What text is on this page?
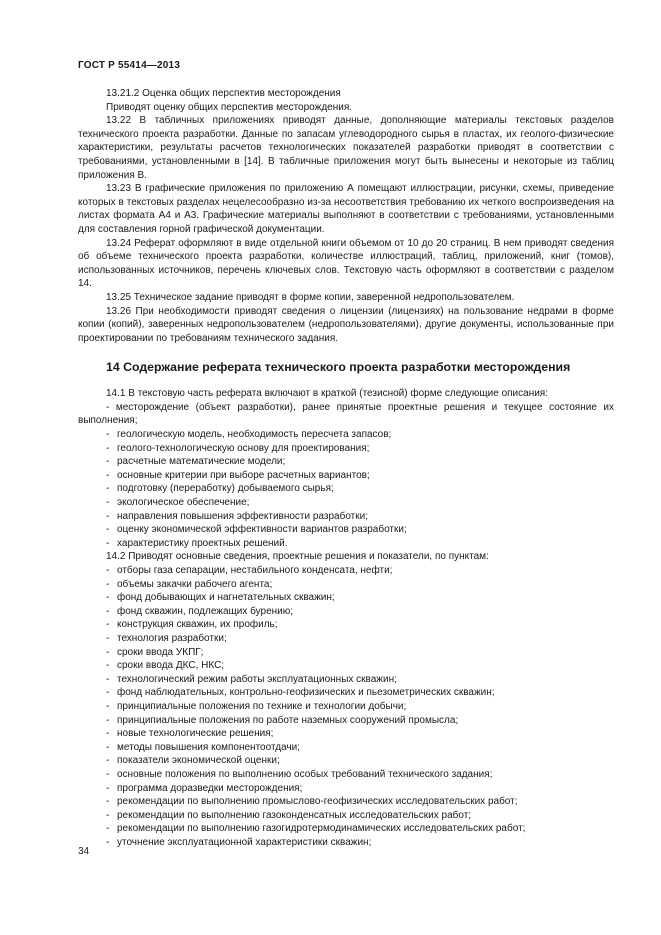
ГОСТ Р 55414—2013

13.21.2 Оценка общих перспектив месторождения

Приводят оценку общих перспектив месторождения.

13.22 В табличных приложениях приводят данные, дополняющие материалы текстовых разделов технического проекта разработки. Данные по запасам углеводородного сырья в пластах, их геолого-физические характеристики, результаты расчетов технологических показателей разработки приводят в соответствии с требованиями, установленными в [14]. В табличные приложения могут быть вынесены и некоторые из таблиц приложения В.

13.23 В графические приложения по приложению А помещают иллюстрации, рисунки, схемы, приведение которых в текстовых разделах нецелесообразно из-за несоответствия требованию их четкого воспроизведения на листах формата А4 и А3. Графические материалы выполняют в соответствии с требованиями, установленными для составления горной графической документации.

13.24 Реферат оформляют в виде отдельной книги объемом от 10 до 20 страниц. В нем приводят сведения об объеме технического проекта разработки, количестве иллюстраций, таблиц, приложений, книг (томов), использованных источников, перечень ключевых слов. Текстовую часть оформляют в соответствии с разделом 14.

13.25 Техническое задание приводят в форме копии, заверенной недропользователем.

13.26 При необходимости приводят сведения о лицензии (лицензиях) на пользование недрами в форме копии (копий), заверенных недропользователем (недропользователями), другие документы, использованные при проектировании по требованиям технического задания.

14 Содержание реферата технического проекта разработки месторождения

14.1 В текстовую часть реферата включают в краткой (тезисной) форме следующие описания:

- месторождение (объект разработки), ранее принятые проектные решения и текущее состояние их выполнения;

- геологическую модель, необходимость пересчета запасов;

- геолого-технологическую основу для проектирования;

- расчетные математические модели;

- основные критерии при выборе расчетных вариантов;

- подготовку (переработку) добываемого сырья;

- экологическое обеспечение;

- направления повышения эффективности разработки;

- оценку экономической эффективности вариантов разработки;

- характеристику проектных решений.

14.2 Приводят основные сведения, проектные решения и показатели, по пунктам:

- отборы газа сепарации, нестабильного конденсата, нефти;

- объемы закачки рабочего агента;

- фонд добывающих и нагнетательных скважин;

- фонд скважин, подлежащих бурению;

- конструкция скважин, их профиль;

- технология разработки;

- сроки ввода УКПГ;

- сроки ввода ДКС, НКС;

- технологический режим работы эксплуатационных скважин;

- фонд наблюдательных, контрольно-геофизических и пьезометрических скважин;

- принципиальные положения по технике и технологии добычи;

- принципиальные положения по работе наземных сооружений промысла;

- новые технологические решения;

- методы повышения компонентоотдачи;

- показатели экономической оценки;

- основные положения по выполнению особых требований технического задания;

- программа доразведки месторождения;

- рекомендации по выполнению промыслово-геофизических исследовательских работ;

- рекомендации по выполнению газоконденсатных исследовательских работ;

- рекомендации по выполнению газогидротермодинамических исследовательских работ;

- уточнение эксплуатационной характеристики скважин;

34
